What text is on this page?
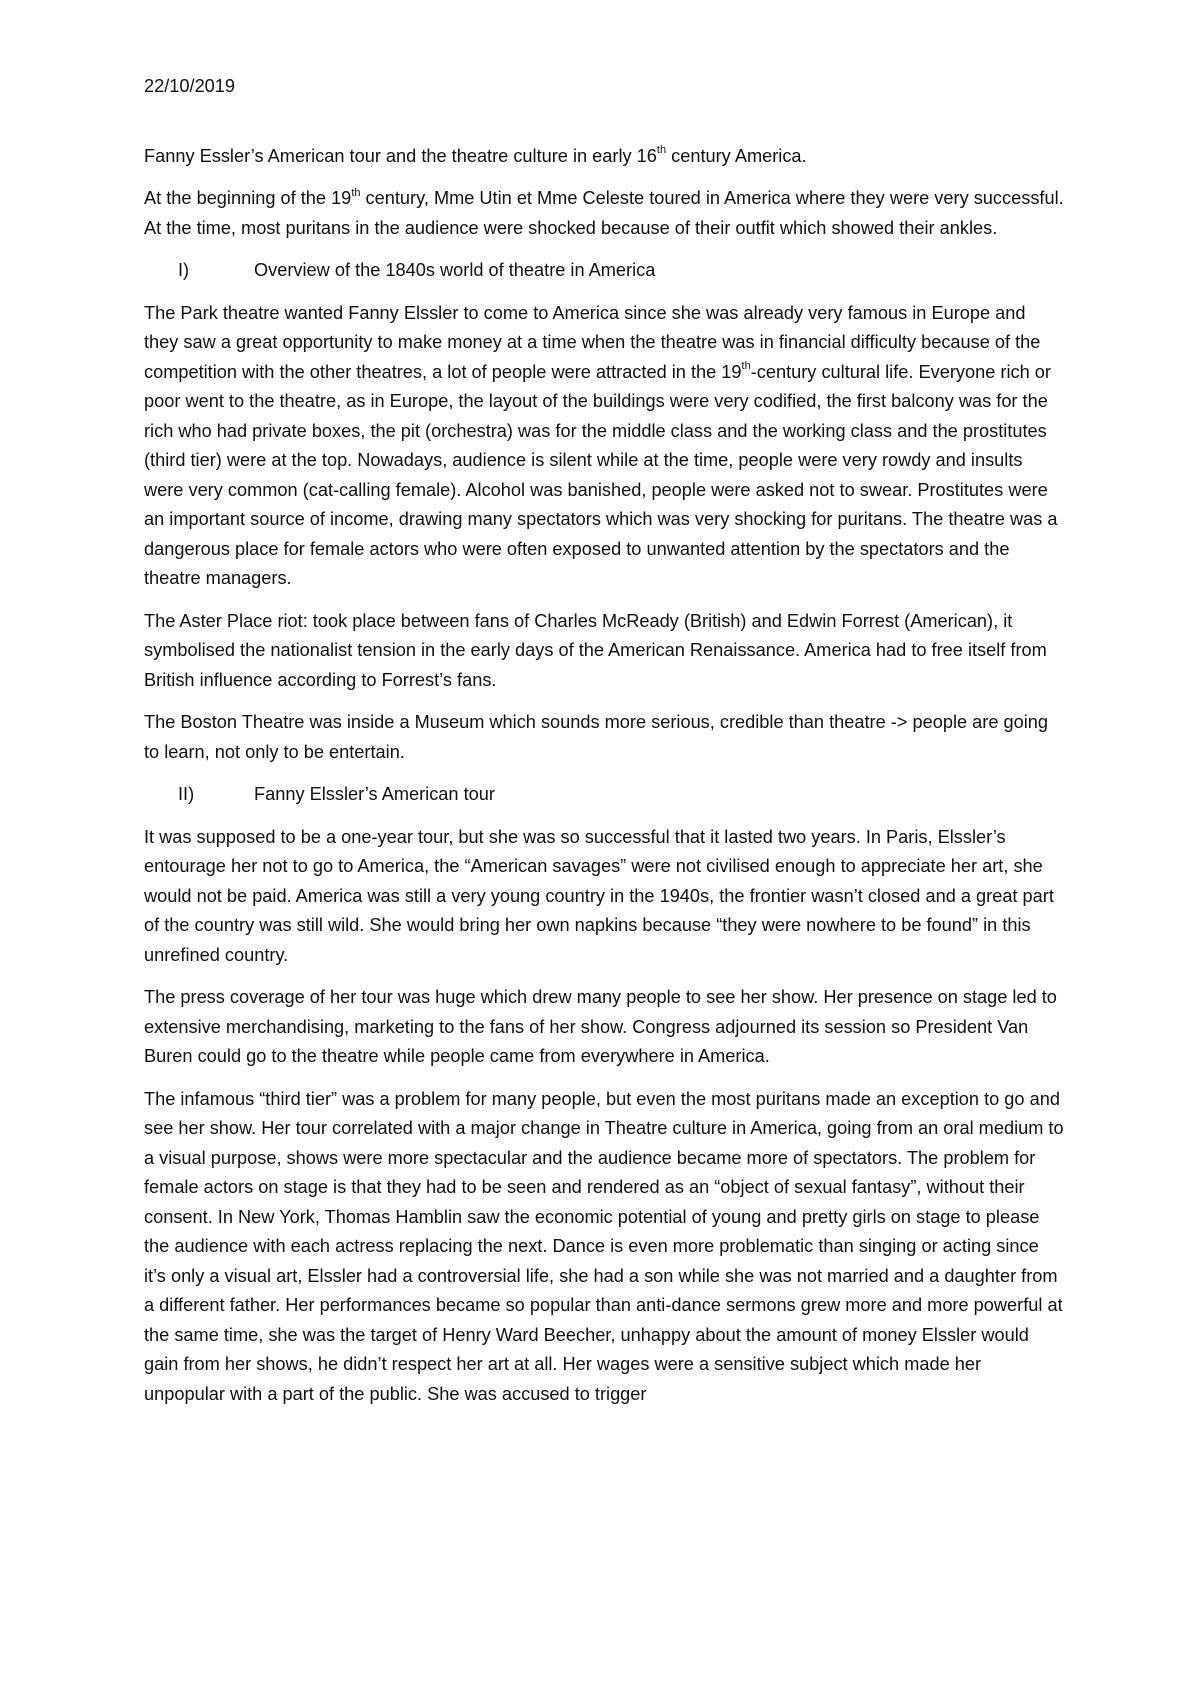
22/10/2019

Fanny Essler’s American tour and the theatre culture in early 16th century America.

At the beginning of the 19th century, Mme Utin et Mme Celeste toured in America where they were very successful. At the time, most puritans in the audience were shocked because of their outfit which showed their ankles.

I)	Overview of the 1840s world of theatre in America

The Park theatre wanted Fanny Elssler to come to America since she was already very famous in Europe and they saw a great opportunity to make money at a time when the theatre was in financial difficulty because of the competition with the other theatres, a lot of people were attracted in the 19th-century cultural life. Everyone rich or poor went to the theatre, as in Europe, the layout of the buildings were very codified, the first balcony was for the rich who had private boxes, the pit (orchestra) was for the middle class and the working class and the prostitutes (third tier) were at the top. Nowadays, audience is silent while at the time, people were very rowdy and insults were very common (cat-calling female). Alcohol was banished, people were asked not to swear. Prostitutes were an important source of income, drawing many spectators which was very shocking for puritans. The theatre was a dangerous place for female actors who were often exposed to unwanted attention by the spectators and the theatre managers.

The Aster Place riot: took place between fans of Charles McReady (British) and Edwin Forrest (American), it symbolised the nationalist tension in the early days of the American Renaissance. America had to free itself from British influence according to Forrest’s fans.

The Boston Theatre was inside a Museum which sounds more serious, credible than theatre -> people are going to learn, not only to be entertain.

II)	Fanny Elssler’s American tour

It was supposed to be a one-year tour, but she was so successful that it lasted two years. In Paris, Elssler’s entourage her not to go to America, the “American savages” were not civilised enough to appreciate her art, she would not be paid. America was still a very young country in the 1940s, the frontier wasn’t closed and a great part of the country was still wild. She would bring her own napkins because “they were nowhere to be found” in this unrefined country.

The press coverage of her tour was huge which drew many people to see her show. Her presence on stage led to extensive merchandising, marketing to the fans of her show. Congress adjourned its session so President Van Buren could go to the theatre while people came from everywhere in America.

The infamous “third tier” was a problem for many people, but even the most puritans made an exception to go and see her show. Her tour correlated with a major change in Theatre culture in America, going from an oral medium to a visual purpose, shows were more spectacular and the audience became more of spectators. The problem for female actors on stage is that they had to be seen and rendered as an “object of sexual fantasy”, without their consent. In New York, Thomas Hamblin saw the economic potential of young and pretty girls on stage to please the audience with each actress replacing the next. Dance is even more problematic than singing or acting since it’s only a visual art, Elssler had a controversial life, she had a son while she was not married and a daughter from a different father. Her performances became so popular than anti-dance sermons grew more and more powerful at the same time, she was the target of Henry Ward Beecher, unhappy about the amount of money Elssler would gain from her shows, he didn’t respect her art at all. Her wages were a sensitive subject which made her unpopular with a part of the public. She was accused to trigger
